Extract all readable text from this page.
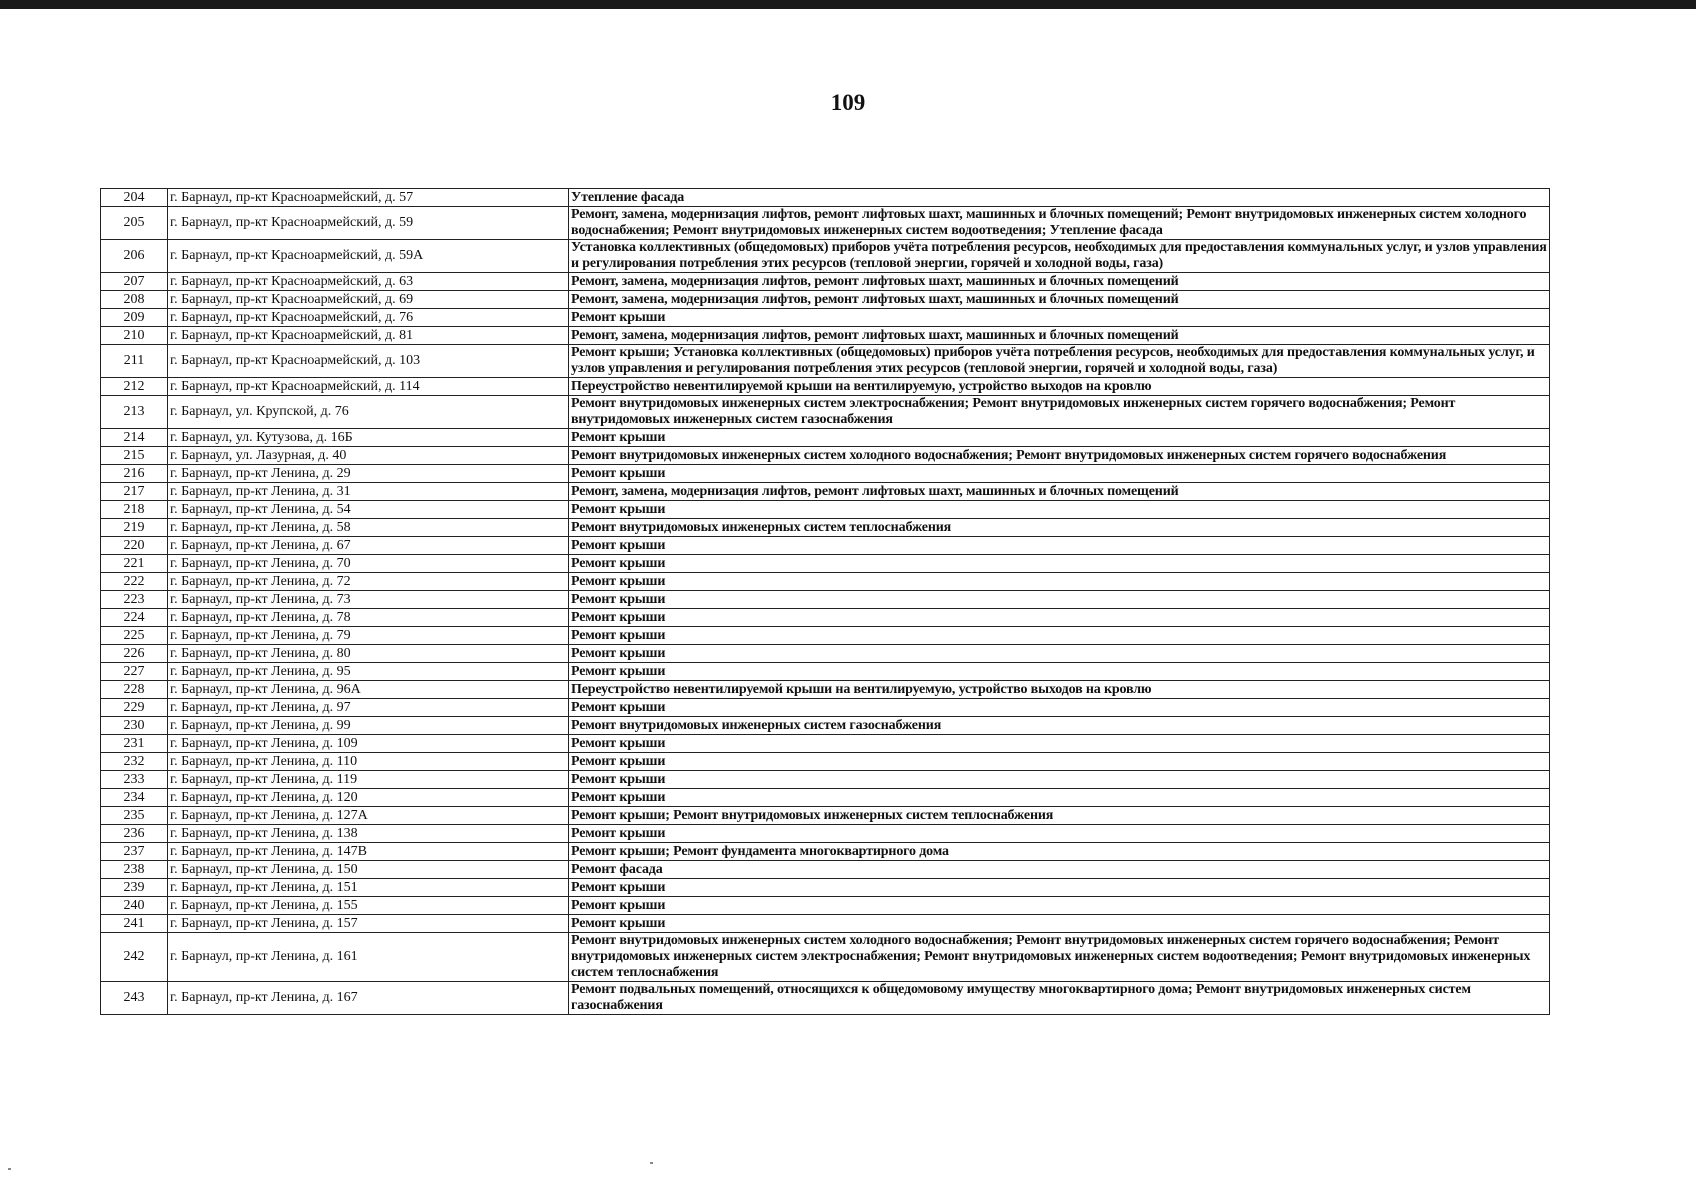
109
204	г. Барнаул, пр-кт Красноармейский, д. 57	Утепление фасада
205	г. Барнаул, пр-кт Красноармейский, д. 59	Ремонт, замена, модернизация лифтов, ремонт лифтовых шахт, машинных и блочных помещений; Ремонт внутридомовых инженерных систем холодного водоснабжения; Ремонт внутридомовых инженерных систем водоотведения; Утепление фасада
206	г. Барнаул, пр-кт Красноармейский, д. 59А	Установка коллективных (общедомовых) приборов учёта потребления ресурсов, необходимых для предоставления коммунальных услуг, и узлов управления и регулирования потребления этих ресурсов (тепловой энергии, горячей и холодной воды, газа)
207	г. Барнаул, пр-кт Красноармейский, д. 63	Ремонт, замена, модернизация лифтов, ремонт лифтовых шахт, машинных и блочных помещений
208	г. Барнаул, пр-кт Красноармейский, д. 69	Ремонт, замена, модернизация лифтов, ремонт лифтовых шахт, машинных и блочных помещений
209	г. Барнаул, пр-кт Красноармейский, д. 76	Ремонт крыши
210	г. Барнаул, пр-кт Красноармейский, д. 81	Ремонт, замена, модернизация лифтов, ремонт лифтовых шахт, машинных и блочных помещений
211	г. Барнаул, пр-кт Красноармейский, д. 103	Ремонт крыши; Установка коллективных (общедомовых) приборов учёта потребления ресурсов, необходимых для предоставления коммунальных услуг, и узлов управления и регулирования потребления этих ресурсов (тепловой энергии, горячей и холодной воды, газа)
212	г. Барнаул, пр-кт Красноармейский, д. 114	Переустройство невентилируемой крыши на вентилируемую, устройство выходов на кровлю
213	г. Барнаул, ул. Крупской, д. 76	Ремонт внутридомовых инженерных систем электроснабжения; Ремонт внутридомовых инженерных систем горячего водоснабжения; Ремонт внутридомовых инженерных систем газоснабжения
214	г. Барнаул, ул. Кутузова, д. 16Б	Ремонт крыши
215	г. Барнаул, ул. Лазурная, д. 40	Ремонт внутридомовых инженерных систем холодного водоснабжения; Ремонт внутридомовых инженерных систем горячего водоснабжения
216	г. Барнаул, пр-кт Ленина, д. 29	Ремонт крыши
217	г. Барнаул, пр-кт Ленина, д. 31	Ремонт, замена, модернизация лифтов, ремонт лифтовых шахт, машинных и блочных помещений
218	г. Барнаул, пр-кт Ленина, д. 54	Ремонт крыши
219	г. Барнаул, пр-кт Ленина, д. 58	Ремонт внутридомовых инженерных систем теплоснабжения
220	г. Барнаул, пр-кт Ленина, д. 67	Ремонт крыши
221	г. Барнаул, пр-кт Ленина, д. 70	Ремонт крыши
222	г. Барнаул, пр-кт Ленина, д. 72	Ремонт крыши
223	г. Барнаул, пр-кт Ленина, д. 73	Ремонт крыши
224	г. Барнаул, пр-кт Ленина, д. 78	Ремонт крыши
225	г. Барнаул, пр-кт Ленина, д. 79	Ремонт крыши
226	г. Барнаул, пр-кт Ленина, д. 80	Ремонт крыши
227	г. Барнаул, пр-кт Ленина, д. 95	Ремонт крыши
228	г. Барнаул, пр-кт Ленина, д. 96А	Переустройство невентилируемой крыши на вентилируемую, устройство выходов на кровлю
229	г. Барнаул, пр-кт Ленина, д. 97	Ремонт крыши
230	г. Барнаул, пр-кт Ленина, д. 99	Ремонт внутридомовых инженерных систем газоснабжения
231	г. Барнаул, пр-кт Ленина, д. 109	Ремонт крыши
232	г. Барнаул, пр-кт Ленина, д. 110	Ремонт крыши
233	г. Барнаул, пр-кт Ленина, д. 119	Ремонт крыши
234	г. Барнаул, пр-кт Ленина, д. 120	Ремонт крыши
235	г. Барнаул, пр-кт Ленина, д. 127А	Ремонт крыши; Ремонт внутридомовых инженерных систем теплоснабжения
236	г. Барнаул, пр-кт Ленина, д. 138	Ремонт крыши
237	г. Барнаул, пр-кт Ленина, д. 147В	Ремонт крыши; Ремонт фундамента многоквартирного дома
238	г. Барнаул, пр-кт Ленина, д. 150	Ремонт фасада
239	г. Барнаул, пр-кт Ленина, д. 151	Ремонт крыши
240	г. Барнаул, пр-кт Ленина, д. 155	Ремонт крыши
241	г. Барнаул, пр-кт Ленина, д. 157	Ремонт крыши
242	г. Барнаул, пр-кт Ленина, д. 161	Ремонт внутридомовых инженерных систем холодного водоснабжения; Ремонт внутридомовых инженерных систем горячего водоснабжения; Ремонт внутридомовых инженерных систем электроснабжения; Ремонт внутридомовых инженерных систем водоотведения; Ремонт внутридомовых инженерных систем теплоснабжения
243	г. Барнаул, пр-кт Ленина, д. 167	Ремонт подвальных помещений, относящихся к общедомовому имуществу многоквартирного дома; Ремонт внутридомовых инженерных систем газоснабжения
